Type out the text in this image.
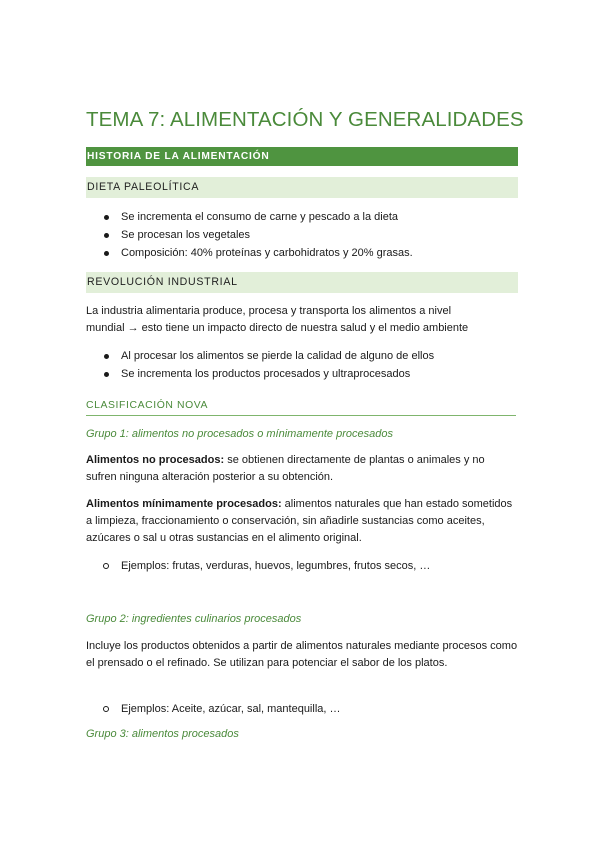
TEMA 7: ALIMENTACIÓN Y GENERALIDADES
HISTORIA DE LA ALIMENTACIÓN
DIETA PALEOLÍTICA
Se incrementa el consumo de carne y pescado a la dieta
Se procesan los vegetales
Composición: 40% proteínas y carbohidratos y 20% grasas.
REVOLUCIÓN INDUSTRIAL

La industria alimentaria produce, procesa y transporta los alimentos a nivel
mundial → esto tiene un impacto directo de nuestra salud y el medio ambiente

Al procesar los alimentos se pierde la calidad de alguno de ellos
Se incrementa los productos procesados y ultraprocesados
CLASIFICACIÓN NOVA
Grupo 1: alimentos no procesados o mínimamente procesados

Alimentos no procesados: se obtienen directamente de plantas o animales y no sufren ninguna alteración posterior a su obtención.

Alimentos mínimamente procesados: alimentos naturales que han estado sometidos a limpieza, fraccionamiento o conservación, sin añadirle sustancias como aceites, azúcares o sal u otras sustancias en el alimento original.

Ejemplos: frutas, verduras, huevos, legumbres, frutos secos, …
Grupo 2: ingredientes culinarios procesados

Incluye los productos obtenidos a partir de alimentos naturales mediante procesos como el prensado o el refinado. Se utilizan para potenciar el sabor de los platos.

Ejemplos: Aceite, azúcar, sal, mantequilla, …
Grupo 3: alimentos procesados
